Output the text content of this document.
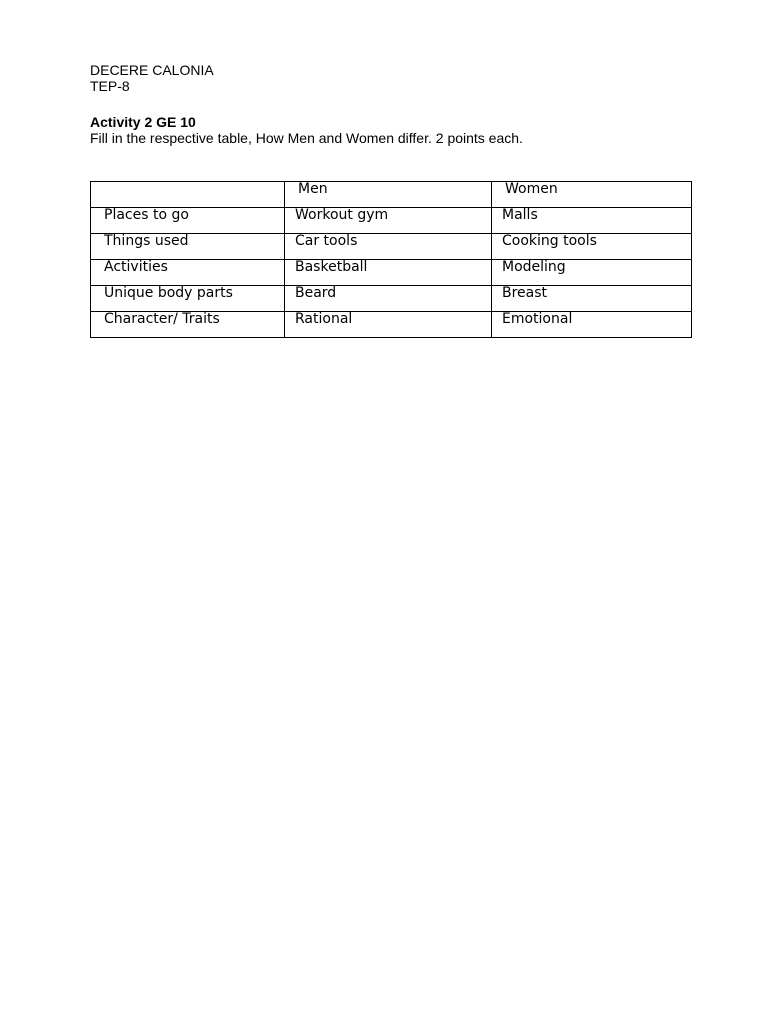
DECERE CALONIA
TEP-8
Activity 2 GE 10
Fill in the respective table, How Men and Women differ. 2 points each.

	Men	Women

Places to go	Workout gym	Malls

Things used	Car tools	Cooking tools

Activities	Basketball	Modeling

Unique body parts	Beard	Breast

Character/ Traits	Rational	Emotional
